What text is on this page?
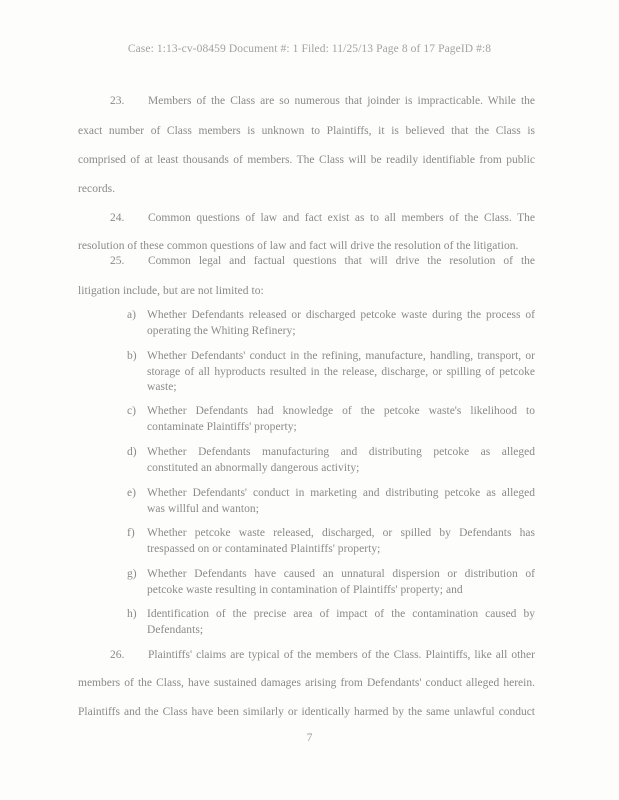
Case: 1:13-cv-08459 Document #: 1 Filed: 11/25/13 Page 8 of 17 PageID #:8
23. Members of the Class are so numerous that joinder is impracticable. While the
exact number of Class members is unknown to Plaintiffs, it is believed that the Class is
comprised of at least thousands of members. The Class will be readily identifiable from public
records.
24. Common questions of law and fact exist as to all members of the Class. The
resolution of these common questions of law and fact will drive the resolution of the litigation.
25. Common legal and factual questions that will drive the resolution of the
litigation include, but are not limited to:
a) Whether Defendants released or discharged petcoke waste during the process of
operating the Whiting Refinery;
b) Whether Defendants' conduct in the refining, manufacture, handling, transport, or
storage of all hyproducts resulted in the release, discharge, or spilling of petcoke
waste;
c) Whether Defendants had knowledge of the petcoke waste's likelihood to
contaminate Plaintiffs' property;
d) Whether Defendants manufacturing and distributing petcoke as alleged
constituted an abnormally dangerous activity;
e) Whether Defendants' conduct in marketing and distributing petcoke as alleged
was willful and wanton;
f) Whether petcoke waste released, discharged, or spilled by Defendants has
trespassed on or contaminated Plaintiffs' property;
g) Whether Defendants have caused an unnatural dispersion or distribution of
petcoke waste resulting in contamination of Plaintiffs' property; and
h) Identification of the precise area of impact of the contamination caused by
Defendants;
26. Plaintiffs' claims are typical of the members of the Class. Plaintiffs, like all other
members of the Class, have sustained damages arising from Defendants' conduct alleged herein.
Plaintiffs and the Class have been similarly or identically harmed by the same unlawful conduct
7
